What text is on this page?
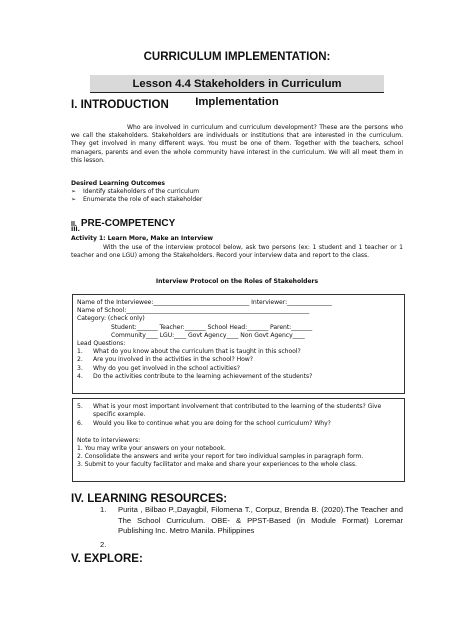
CURRICULUM IMPLEMENTATION:
Lesson 4.4 Stakeholders in Curriculum Implementation
I. INTRODUCTION
Who are involved in curriculum and curriculum development? These are the persons who we call the stakeholders. Stakeholders are individuals or institutions that are interested in the curriculum. They get involved in many different ways. You must be one of them. Together with the teachers, school managers, parents and even the whole community have interest in the curriculum. We will all meet them in this lesson.
Desired Learning Outcomes
➢ Identify stakeholders of the curriculum
➢ Enumerate the role of each stakeholder
II. PRE-COMPETENCY
III.
Activity 1: Learn More, Make an Interview
With the use of the interview protocol below, ask two persons (ex: 1 student and 1 teacher or 1 teacher and one LGU) among the Stakeholders. Record your interview data and report to the class.
Interview Protocol on the Roles of Stakeholders
Name of the Interviewee:________________________________ Interviewer:_______________
Name of School:_____________________________________________________________
Category: (check only)
Student:_______ Teacher:_______ School Head:_______ Parent:_______
Community____ LGU:____ Govt Agency____ Non Govt Agency____
Lead Questions:
1. What do you know about the curriculum that is taught in this school?
2. Are you involved in the activities in the school? How?
3. Why do you get involved in the school activities?
4. Do the activities contribute to the learning achievement of the students?
5.	What is your most important involvement that contributed to the learning of the students? Give specific example.
6.	Would you like to continue what you are doing for the school curriculum? Why?
Note to interviewers:
1. You may write your answers on your notebook.
2. Consolidate the answers and write your report for two individual samples in paragraph form.
3. Submit to your faculty facilitator and make and share your experiences to the whole class.
IV. LEARNING RESOURCES:
1.	Purita , Bilbao P.,Dayagbil, Filomena T., Corpuz, Brenda B. (2020).The Teacher and The School Curriculum. OBE- & PPST-Based (in Module Format) Loremar Publishing Inc. Metro Manila. Philippines
2.
V. EXPLORE:
